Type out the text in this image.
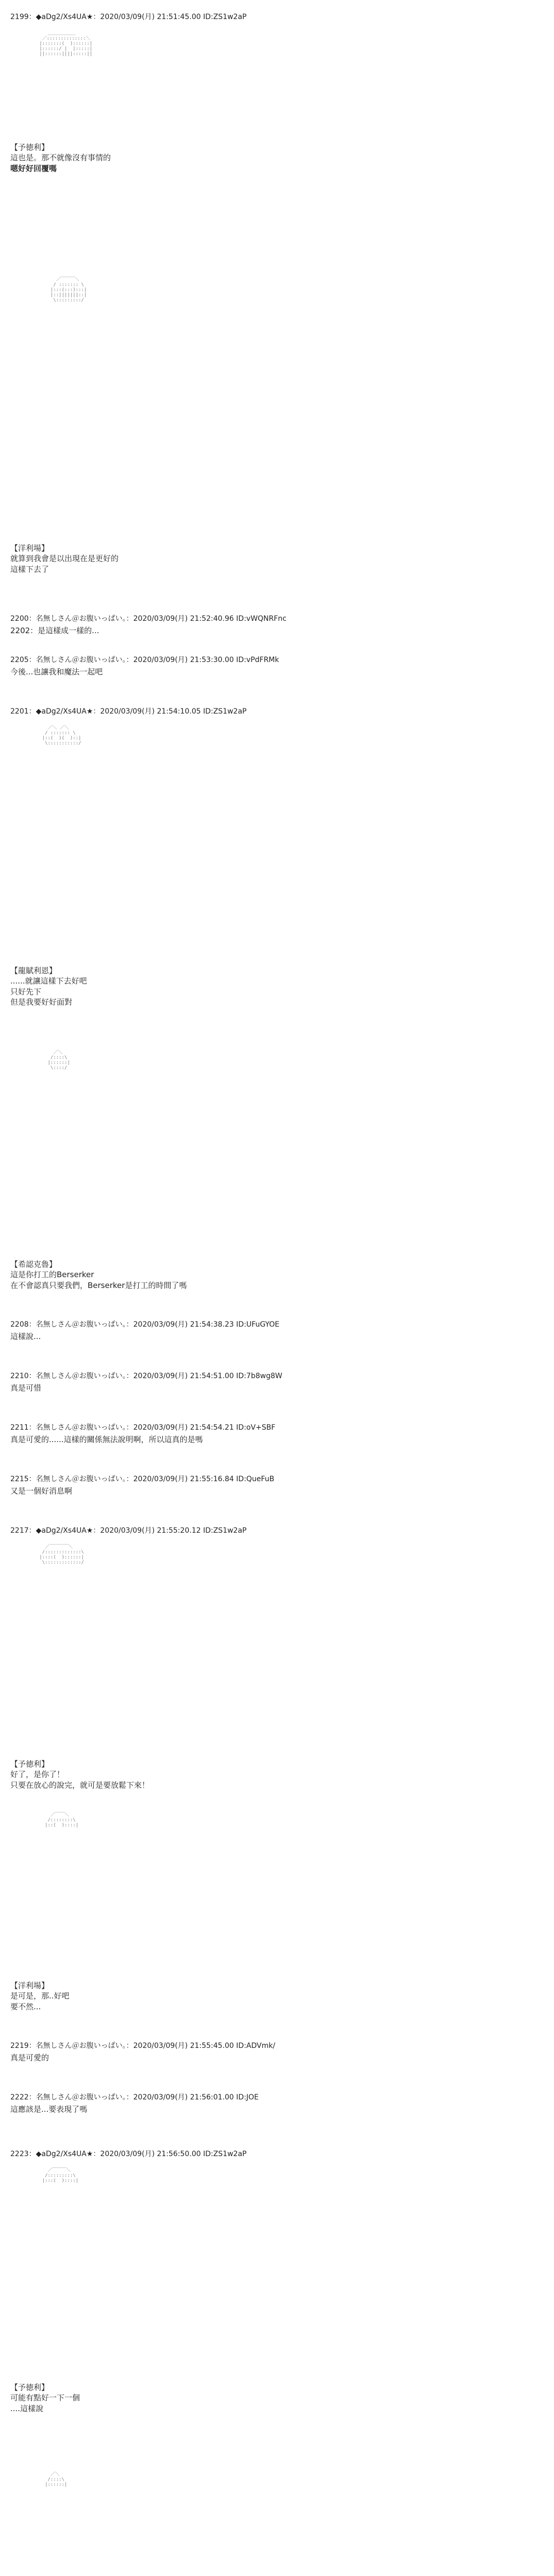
2199：◆aDg2/Xs4UA★：2020/03/09(月) 21:51:45.00 ID:ZS1w2aP

＿＿＿＿＿＿
／::::::::::::::＼
|:::::::(  )::::::|
|::::::/ |  |:::::|
||::::::||||:::::||

【予徳利】
這也是。那不就像沒有事情的
嗯好好回覆嗎

／￣￣￣＼
/ ::::::: \
|:::(:::):::|
|::|||||||::|
\:::::::::/

【洋利場】
就算到我會是以出現在是更好的
這樣下去了
2200：名無しさん＠お腹いっぱい。：2020/03/09(月) 21:52:40.96 ID:vWQNRFnc
2202：是這樣成一樣的...
2205：名無しさん＠お腹いっぱい。：2020/03/09(月) 21:53:30.00 ID:vPdFRMk
今後...也讓我和魔法一起吧
2201：◆aDg2/Xs4UA★：2020/03/09(月) 21:54:10.05 ID:ZS1w2aP

／＼ ／＼
/ ::::::: \
|::(  )(  )::|
\:::::::::::/

【龍賦利恩】
......就讓這樣下去好吧
只好先下
但是我要好好面對

／＼
/::::\
|::::::|
\::::/

【希認克魯】
這是你打工的Berserker
在不會認真只要我們，Berserker是打工的時間了嗎
2208：名無しさん＠お腹いっぱい。：2020/03/09(月) 21:54:38.23 ID:UFuGYOE
這樣說...
2210：名無しさん＠お腹いっぱい。：2020/03/09(月) 21:54:51.00 ID:7b8wg8W
真是可惜
2211：名無しさん＠お腹いっぱい。：2020/03/09(月) 21:54:54.21 ID:oV+SBF
真是可愛的......這樣的關係無法說明啊，所以這真的是嗎
2215：名無しさん＠お腹いっぱい。：2020/03/09(月) 21:55:16.84 ID:QueFuB
又是一個好消息啊
2217：◆aDg2/Xs4UA★：2020/03/09(月) 21:55:20.12 ID:ZS1w2aP

／￣￣￣￣＼
/:::::::::::::\
|::::(  )::::::|
\:::::::::::::/

【予徳利】
好了，是你了！
只要在放心的說完，就可是要放鬆下來！

／￣￣＼
/::::::::\
|::(  )::::|

【洋利場】
是可是，那..好吧
要不然...
2219：名無しさん＠お腹いっぱい。：2020/03/09(月) 21:55:45.00 ID:ADVmk/
真是可愛的
2222：名無しさん＠お腹いっぱい。：2020/03/09(月) 21:56:01.00 ID:JOE
這應該是...要表現了嗎
2223：◆aDg2/Xs4UA★：2020/03/09(月) 21:56:50.00 ID:ZS1w2aP

／￣￣￣＼
/:::::::::\
|:::(  )::::|

【予徳利】
可能有點好一下一個
....這樣說

／＼
/::::\
|::::::|
